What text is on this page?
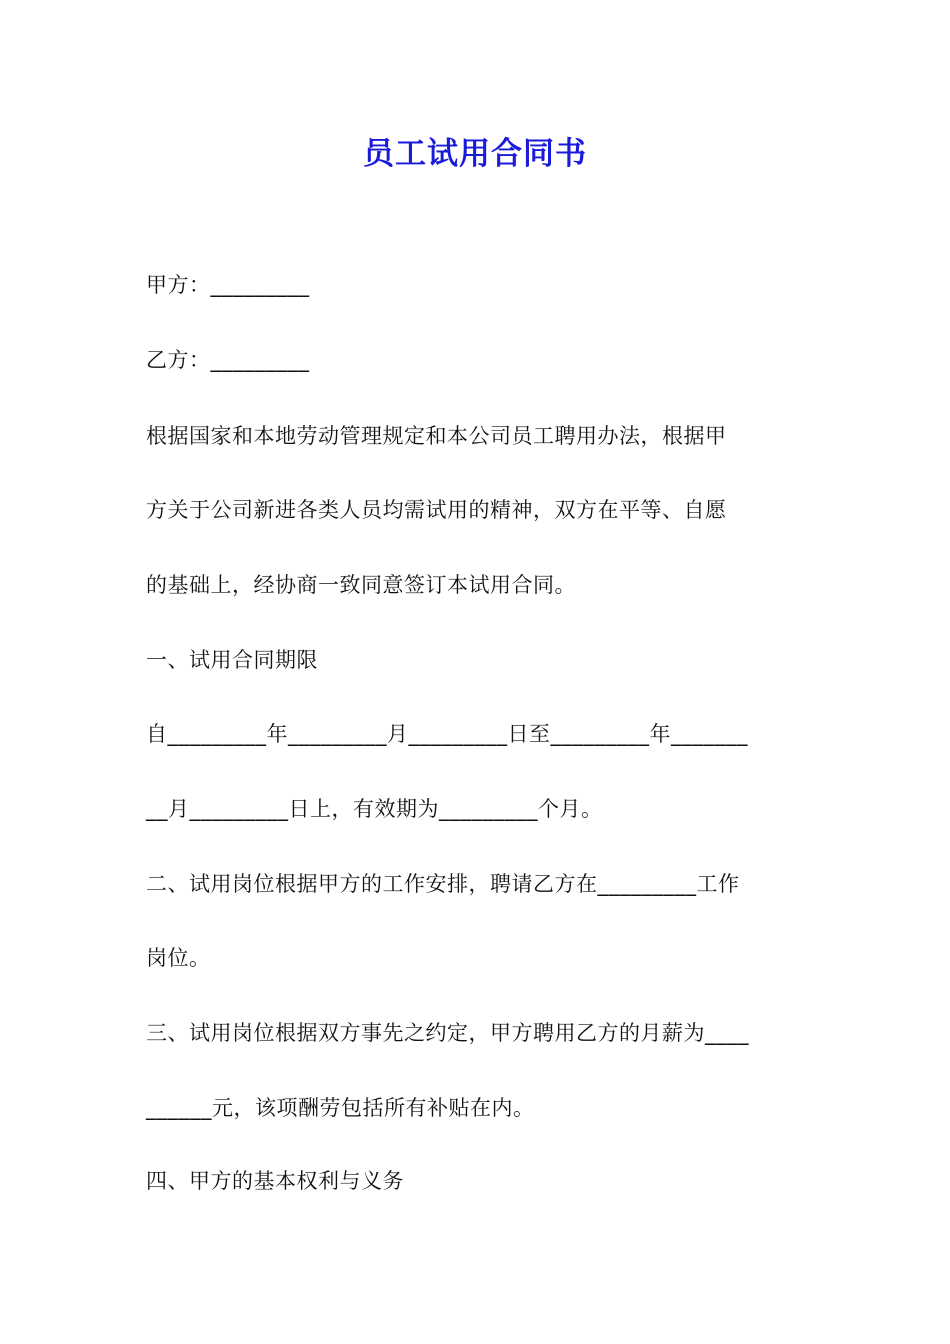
员工试用合同书
甲方：_________
乙方：_________
根据国家和本地劳动管理规定和本公司员工聘用办法，根据甲
方关于公司新进各类人员均需试用的精神，双方在平等、自愿
的基础上，经协商一致同意签订本试用合同。
一、试用合同期限
自_________年_________月_________日至_________年_______
__月_________日上，有效期为_________个月。
二、试用岗位根据甲方的工作安排，聘请乙方在_________工作
岗位。
三、试用岗位根据双方事先之约定，甲方聘用乙方的月薪为____
______元，该项酬劳包括所有补贴在内。
四、甲方的基本权利与义务
